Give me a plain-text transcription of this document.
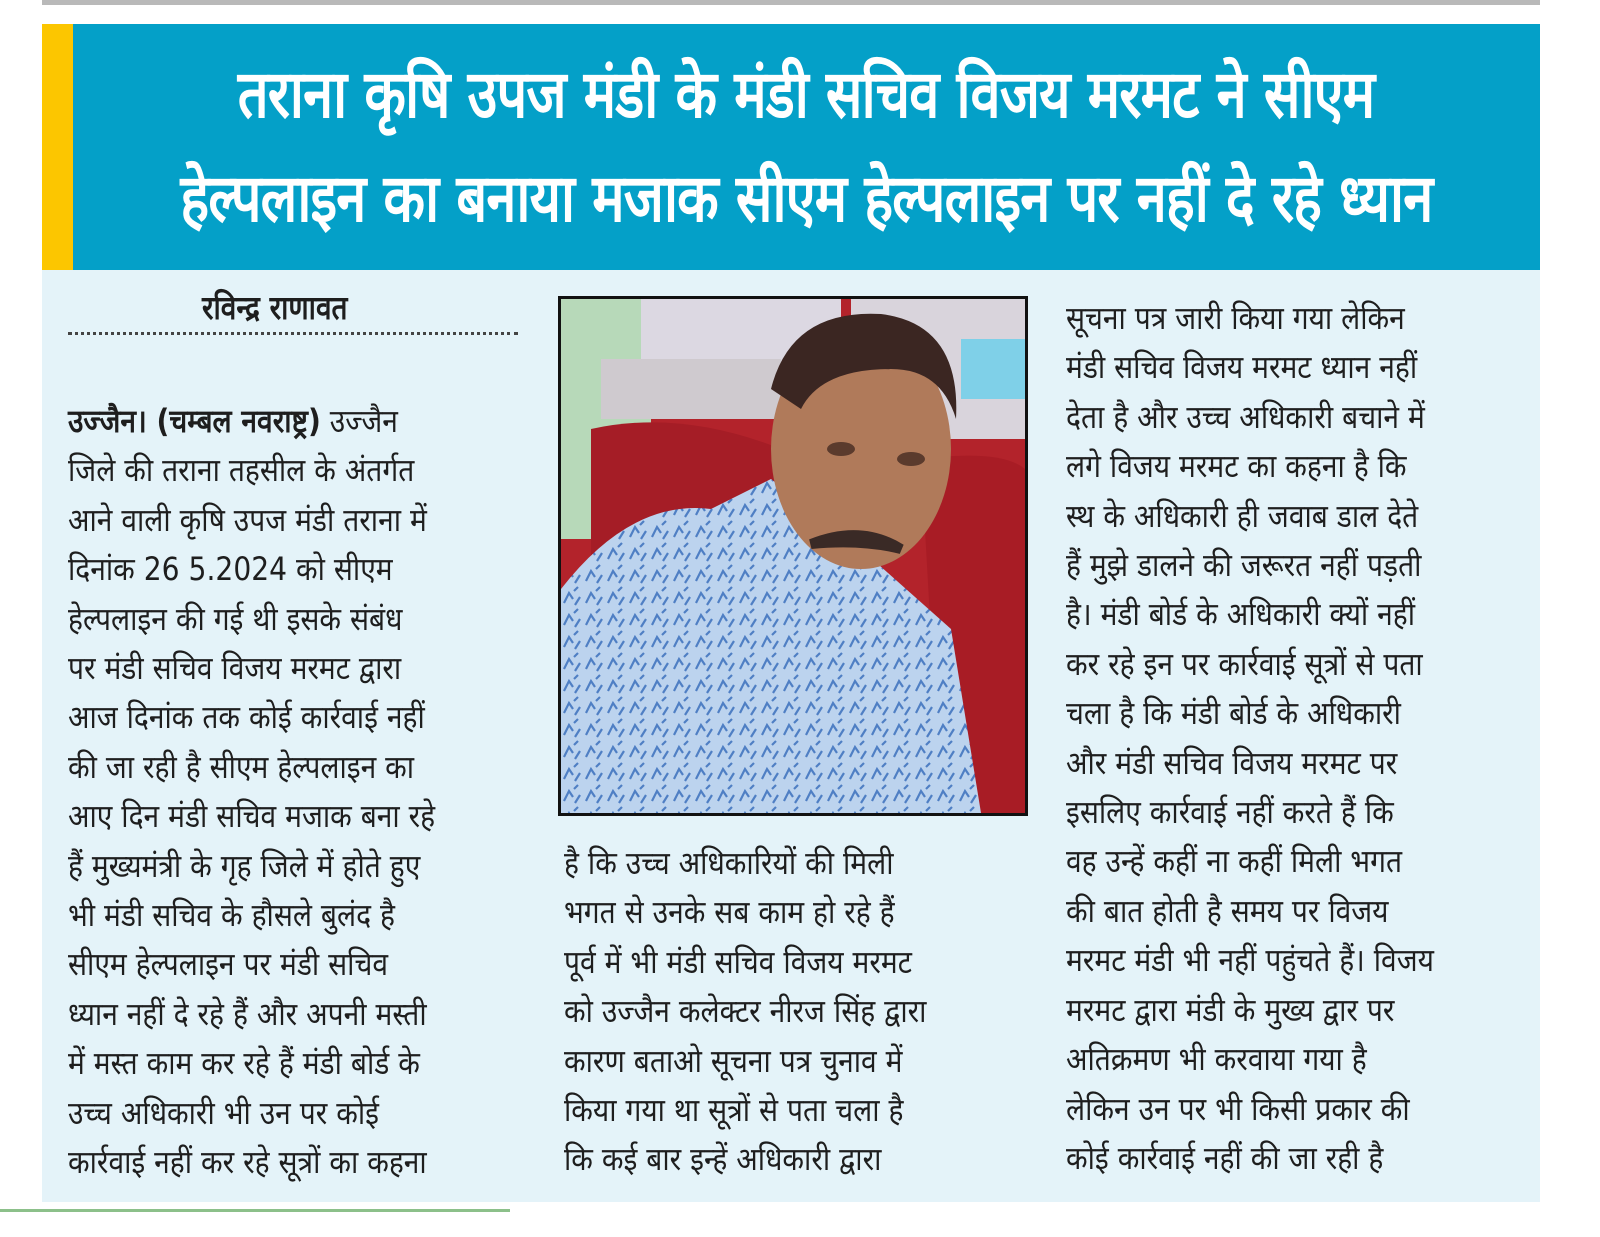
तराना कृषि उपज मंडी के मंडी सचिव विजय मरमट ने सीएम
हेल्पलाइन का बनाया मजाक सीएम हेल्पलाइन पर नहीं दे रहे ध्यान
रविन्द्र राणावत
उज्जैन। (चम्बल नवराष्ट्र) उज्जैन
जिले की तराना तहसील के अंतर्गत
आने वाली कृषि उपज मंडी तराना में
दिनांक 26 5.2024 को सीएम
हेल्पलाइन की गई थी इसके संबंध
पर मंडी सचिव विजय मरमट द्वारा
आज दिनांक तक कोई कार्रवाई नहीं
की जा रही है सीएम हेल्पलाइन का
आए दिन मंडी सचिव मजाक बना रहे
हैं मुख्यमंत्री के गृह जिले में होते हुए
भी मंडी सचिव के हौसले बुलंद है
सीएम हेल्पलाइन पर मंडी सचिव
ध्यान नहीं दे रहे हैं और अपनी मस्ती
में मस्त काम कर रहे हैं मंडी बोर्ड के
उच्च अधिकारी भी उन पर कोई
कार्रवाई नहीं कर रहे सूत्रों का कहना
है कि उच्च अधिकारियों की मिली
भगत से उनके सब काम हो रहे हैं
पूर्व में भी मंडी सचिव विजय मरमट
को उज्जैन कलेक्टर नीरज सिंह द्वारा
कारण बताओ सूचना पत्र चुनाव में
किया गया था सूत्रों से पता चला है
कि कई बार इन्हें अधिकारी द्वारा
सूचना पत्र जारी किया गया लेकिन
मंडी सचिव विजय मरमट ध्यान नहीं
देता है और उच्च अधिकारी बचाने में
लगे विजय मरमट का कहना है कि
स्थ के अधिकारी ही जवाब डाल देते
हैं मुझे डालने की जरूरत नहीं पड़ती
है। मंडी बोर्ड के अधिकारी क्यों नहीं
कर रहे इन पर कार्रवाई सूत्रों से पता
चला है कि मंडी बोर्ड के अधिकारी
और मंडी सचिव विजय मरमट पर
इसलिए कार्रवाई नहीं करते हैं कि
वह उन्हें कहीं ना कहीं मिली भगत
की बात होती है समय पर विजय
मरमट मंडी भी नहीं पहुंचते हैं। विजय
मरमट द्वारा मंडी के मुख्य द्वार पर
अतिक्रमण भी करवाया गया है
लेकिन उन पर भी किसी प्रकार की
कोई कार्रवाई नहीं की जा रही है
